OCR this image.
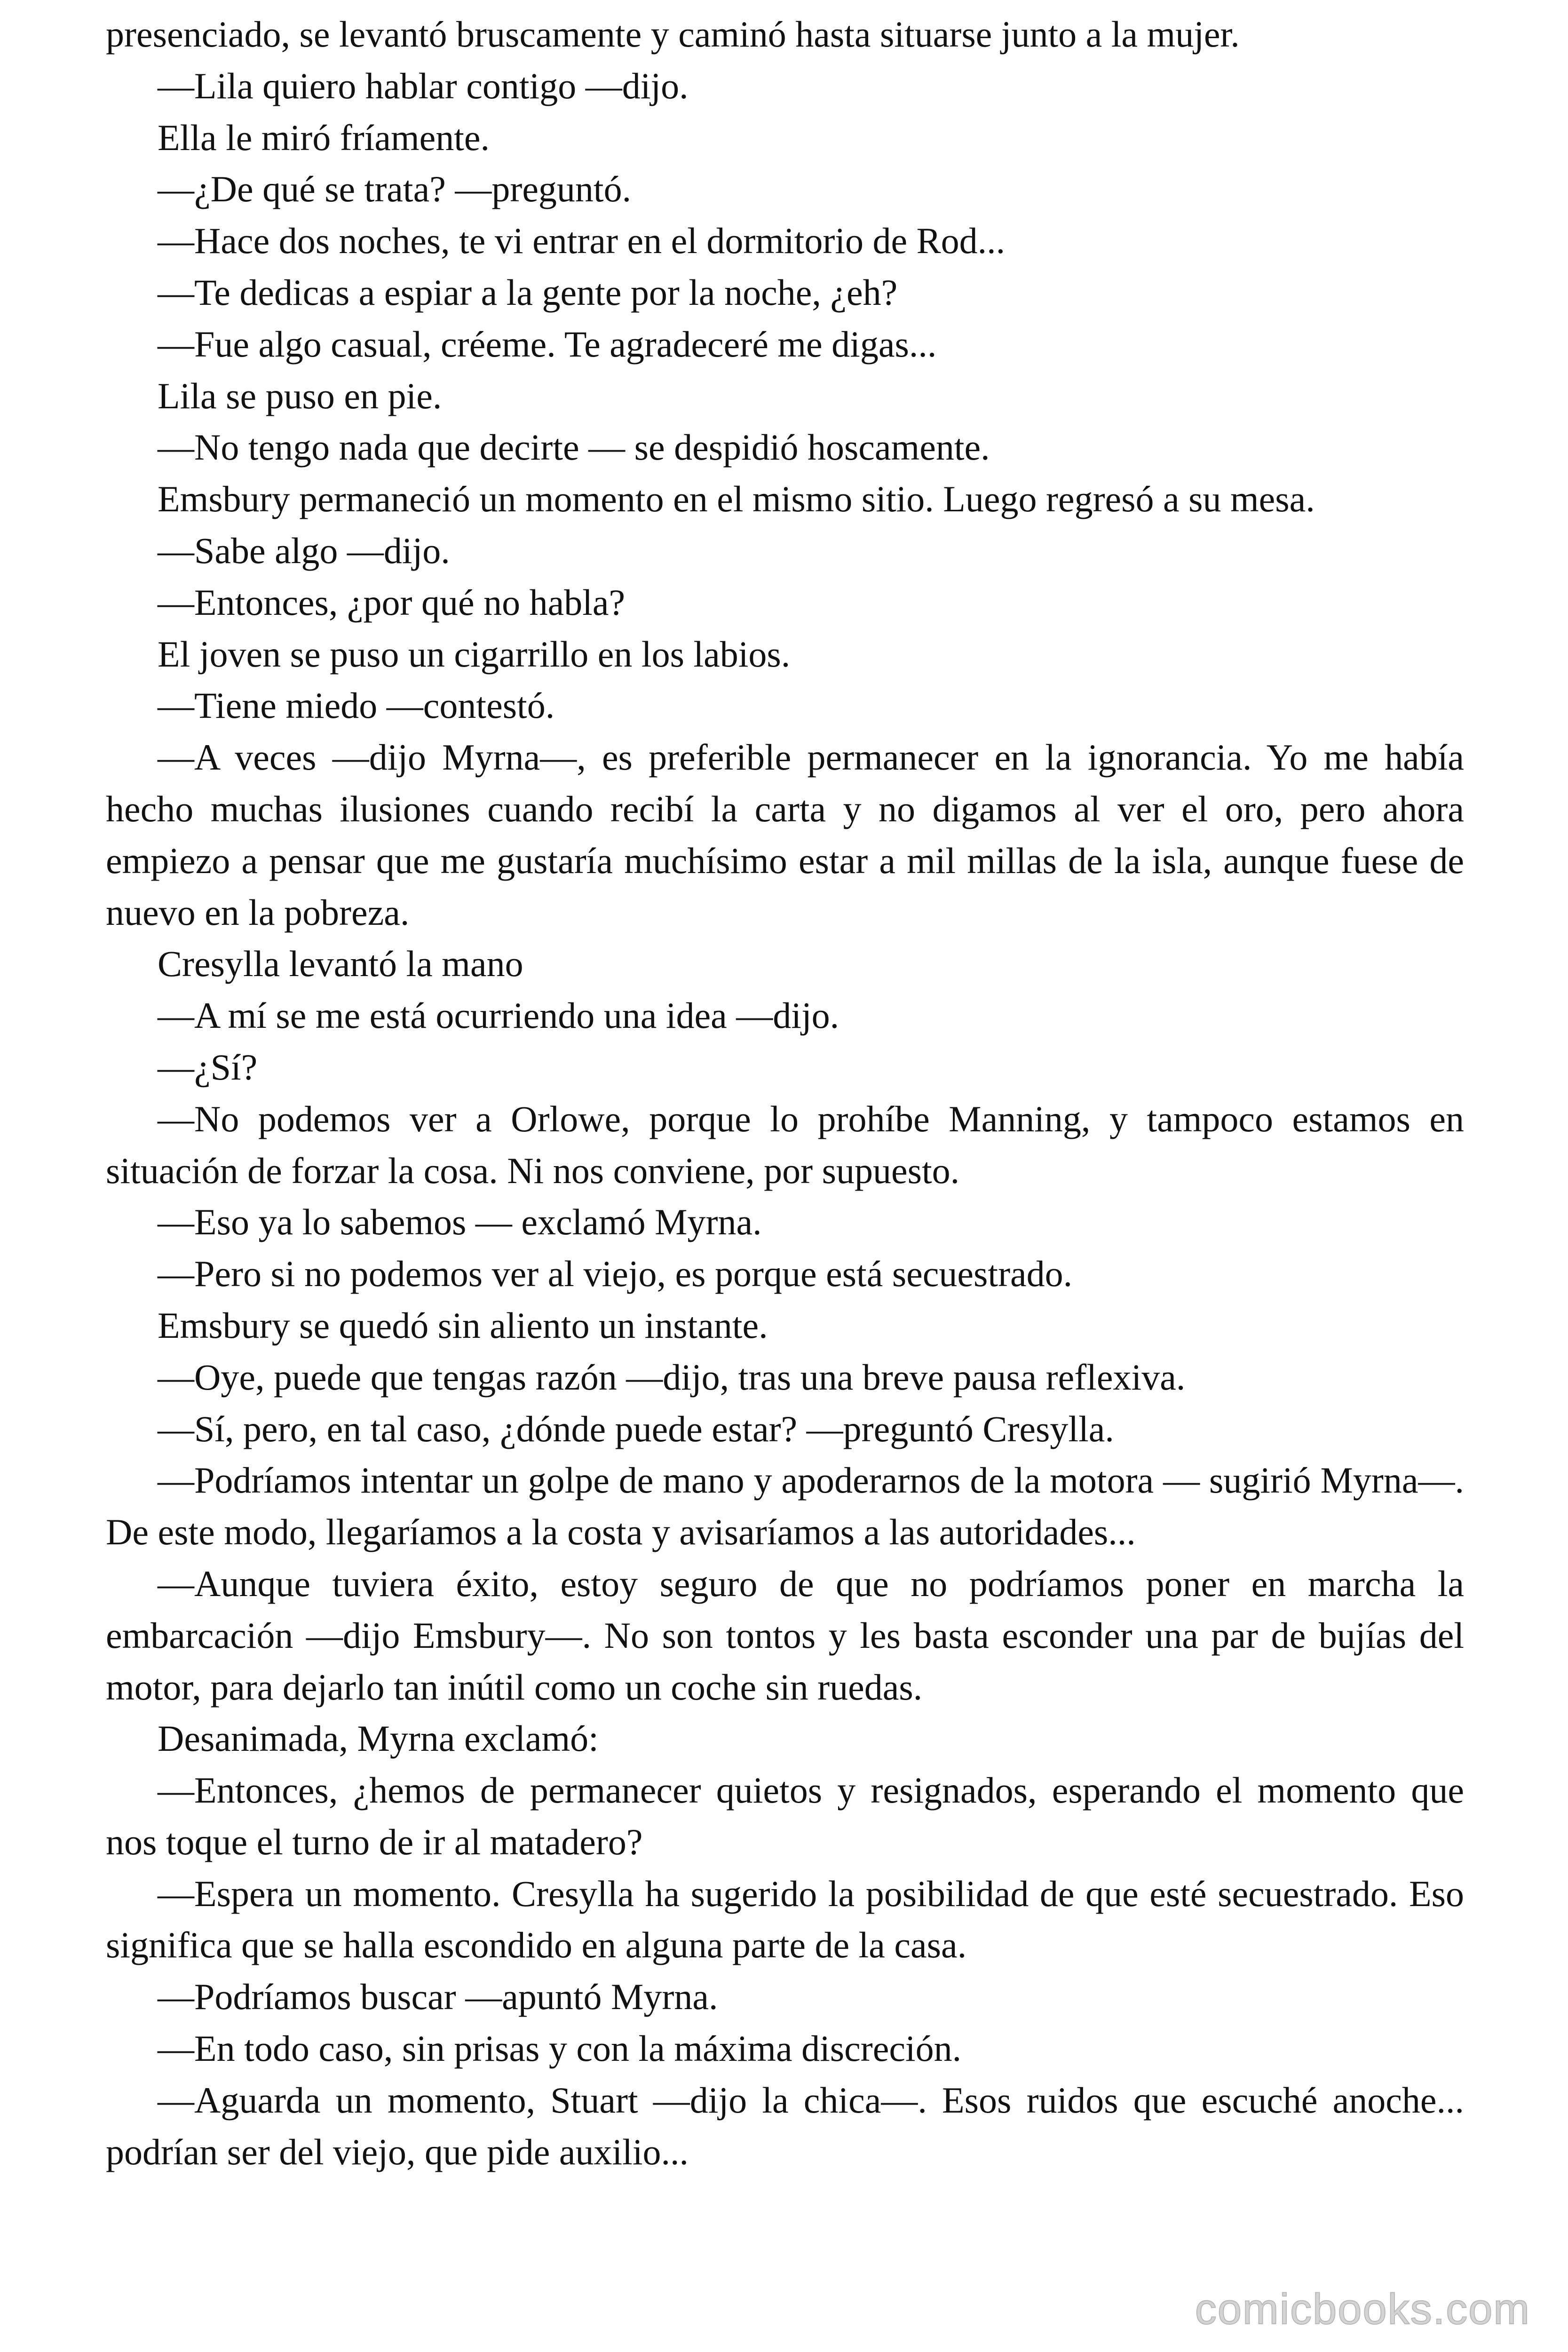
presenciado, se levantó bruscamente y caminó hasta situarse junto a la mujer.

—Lila quiero hablar contigo —dijo.

Ella le miró fríamente.

—¿De qué se trata? —preguntó.

—Hace dos noches, te vi entrar en el dormitorio de Rod...

—Te dedicas a espiar a la gente por la noche, ¿eh?

—Fue algo casual, créeme. Te agradeceré me digas...

Lila se puso en pie.

—No tengo nada que decirte — se despidió hoscamente.

Emsbury permaneció un momento en el mismo sitio. Luego regresó a su mesa.

—Sabe algo —dijo.

—Entonces, ¿por qué no habla?

El joven se puso un cigarrillo en los labios.

—Tiene miedo —contestó.

—A veces —dijo Myrna—, es preferible permanecer en la ignorancia. Yo me había hecho muchas ilusiones cuando recibí la carta y no digamos al ver el oro, pero ahora empiezo a pensar que me gustaría muchísimo estar a mil millas de la isla, aunque fuese de nuevo en la pobreza.

Cresylla levantó la mano

—A mí se me está ocurriendo una idea —dijo.

—¿Sí?

—No podemos ver a Orlowe, porque lo prohíbe Manning, y tampoco estamos en situación de forzar la cosa. Ni nos conviene, por supuesto.

—Eso ya lo sabemos — exclamó Myrna.

—Pero si no podemos ver al viejo, es porque está secuestrado.

Emsbury se quedó sin aliento un instante.

—Oye, puede que tengas razón —dijo, tras una breve pausa reflexiva.

—Sí, pero, en tal caso, ¿dónde puede estar? —preguntó Cresylla.

—Podríamos intentar un golpe de mano y apoderarnos de la motora — sugirió Myrna—. De este modo, llegaríamos a la costa y avisaríamos a las autoridades...

—Aunque tuviera éxito, estoy seguro de que no podríamos poner en marcha la embarcación —dijo Emsbury—. No son tontos y les basta esconder una par de bujías del motor, para dejarlo tan inútil como un coche sin ruedas.

Desanimada, Myrna exclamó:

—Entonces, ¿hemos de permanecer quietos y resignados, esperando el momento que nos toque el turno de ir al matadero?

—Espera un momento. Cresylla ha sugerido la posibilidad de que esté secuestrado. Eso significa que se halla escondido en alguna parte de la casa.

—Podríamos buscar —apuntó Myrna.

—En todo caso, sin prisas y con la máxima discreción.

—Aguarda un momento, Stuart —dijo la chica—. Esos ruidos que escuché anoche... podrían ser del viejo, que pide auxilio...

comicbooks.com
